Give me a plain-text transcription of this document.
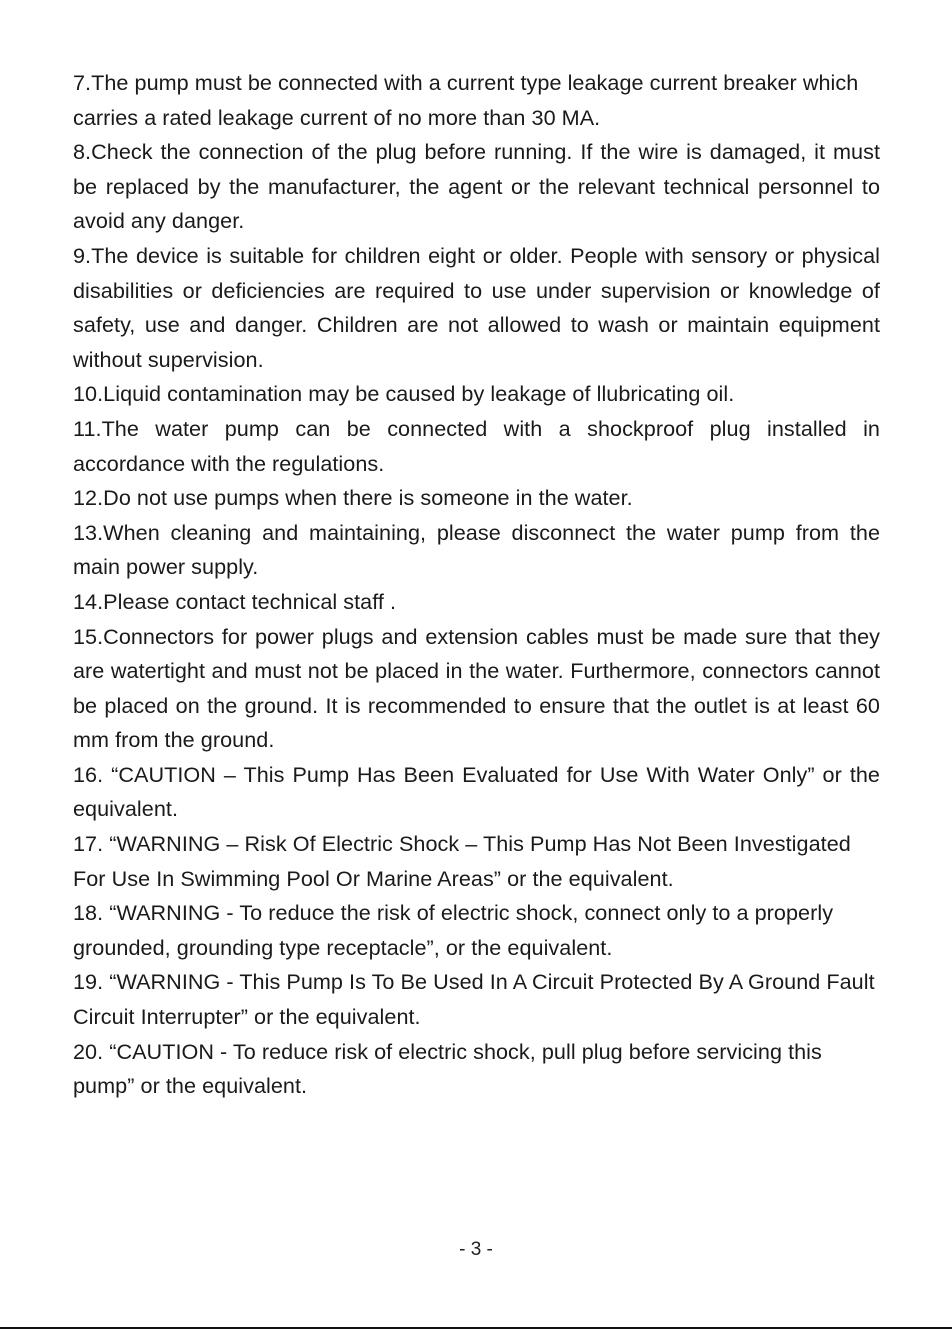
7.The pump must be connected with a current type leakage current breaker which carries a rated leakage current of no more than 30 MA.

8.Check the connection of the plug before running. If the wire is damaged, it must be replaced by the manufacturer, the agent or the relevant technical personnel to avoid any danger.

9.The device is suitable for children eight or older. People with sensory or physical disabilities or deficiencies are required to use under supervision or knowledge of safety, use and danger. Children are not allowed to wash or maintain equipment without supervision.

10.Liquid contamination may be caused by leakage of llubricating oil.

11.The water pump can be connected with a shockproof plug installed in accordance with the regulations.

12.Do not use pumps when there is someone in the water.

13.When cleaning and maintaining, please disconnect the water pump from the main power supply.

14.Please contact technical staff .

15.Connectors for power plugs and extension cables must be made sure that they are watertight and must not be placed in the water. Furthermore, connectors cannot be placed on the ground. It is recommended to ensure that the outlet is at least 60 mm from the ground.

16. “CAUTION – This Pump Has Been Evaluated for Use With Water Only” or the equivalent.

17. “WARNING – Risk Of Electric Shock – This Pump Has Not Been Investigated For Use In Swimming Pool Or Marine Areas” or the equivalent.

18. “WARNING - To reduce the risk of electric shock, connect only to a properly grounded, grounding type receptacle”, or the equivalent.

19. “WARNING - This Pump Is To Be Used In A Circuit Protected By A Ground Fault Circuit Interrupter” or the equivalent.

20. “CAUTION - To reduce risk of electric shock, pull plug before servicing this pump” or the equivalent.

- 3 -
